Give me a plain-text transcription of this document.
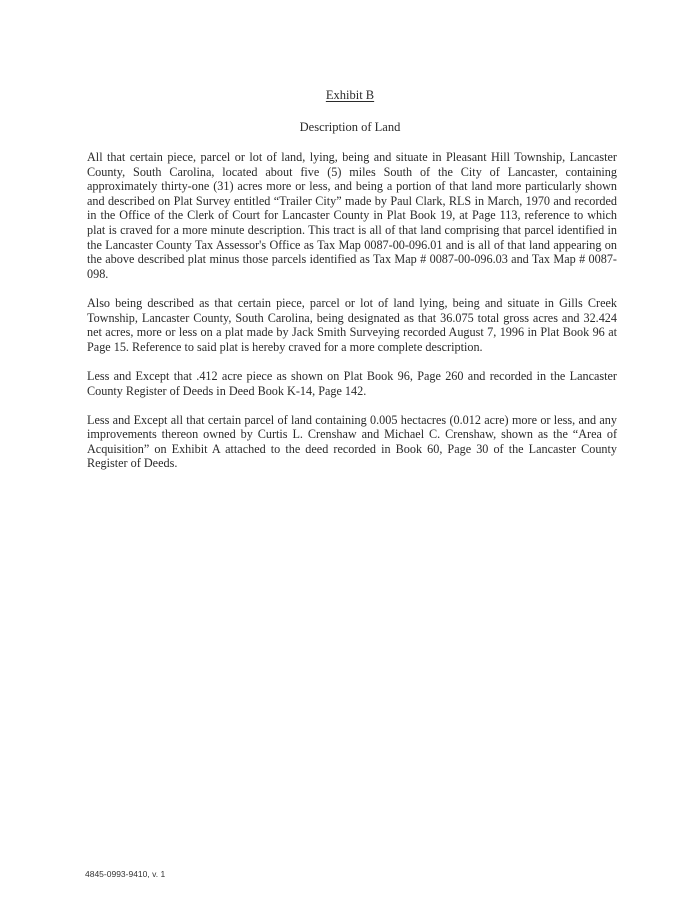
Exhibit B
Description of Land

All that certain piece, parcel or lot of land, lying, being and situate in Pleasant Hill Township, Lancaster County, South Carolina, located about five (5) miles South of the City of Lancaster, containing approximately thirty-one (31) acres more or less, and being a portion of that land more particularly shown and described on Plat Survey entitled “Trailer City” made by Paul Clark, RLS in March, 1970 and recorded in the Office of the Clerk of Court for Lancaster County in Plat Book 19, at Page 113, reference to which plat is craved for a more minute description. This tract is all of that land comprising that parcel identified in the Lancaster County Tax Assessor's Office as Tax Map 0087-00-096.01 and is all of that land appearing on the above described plat minus those parcels identified as Tax Map # 0087-00-096.03 and Tax Map # 0087-098.

Also being described as that certain piece, parcel or lot of land lying, being and situate in Gills Creek Township, Lancaster County, South Carolina, being designated as that 36.075 total gross acres and 32.424 net acres, more or less on a plat made by Jack Smith Surveying recorded August 7, 1996 in Plat Book 96 at Page 15. Reference to said plat is hereby craved for a more complete description.

Less and Except that .412 acre piece as shown on Plat Book 96, Page 260 and recorded in the Lancaster County Register of Deeds in Deed Book K-14, Page 142.

Less and Except all that certain parcel of land containing 0.005 hectacres (0.012 acre) more or less, and any improvements thereon owned by Curtis L. Crenshaw and Michael C. Crenshaw, shown as the “Area of Acquisition” on Exhibit A attached to the deed recorded in Book 60, Page 30 of the Lancaster County Register of Deeds.

4845-0993-9410, v. 1
